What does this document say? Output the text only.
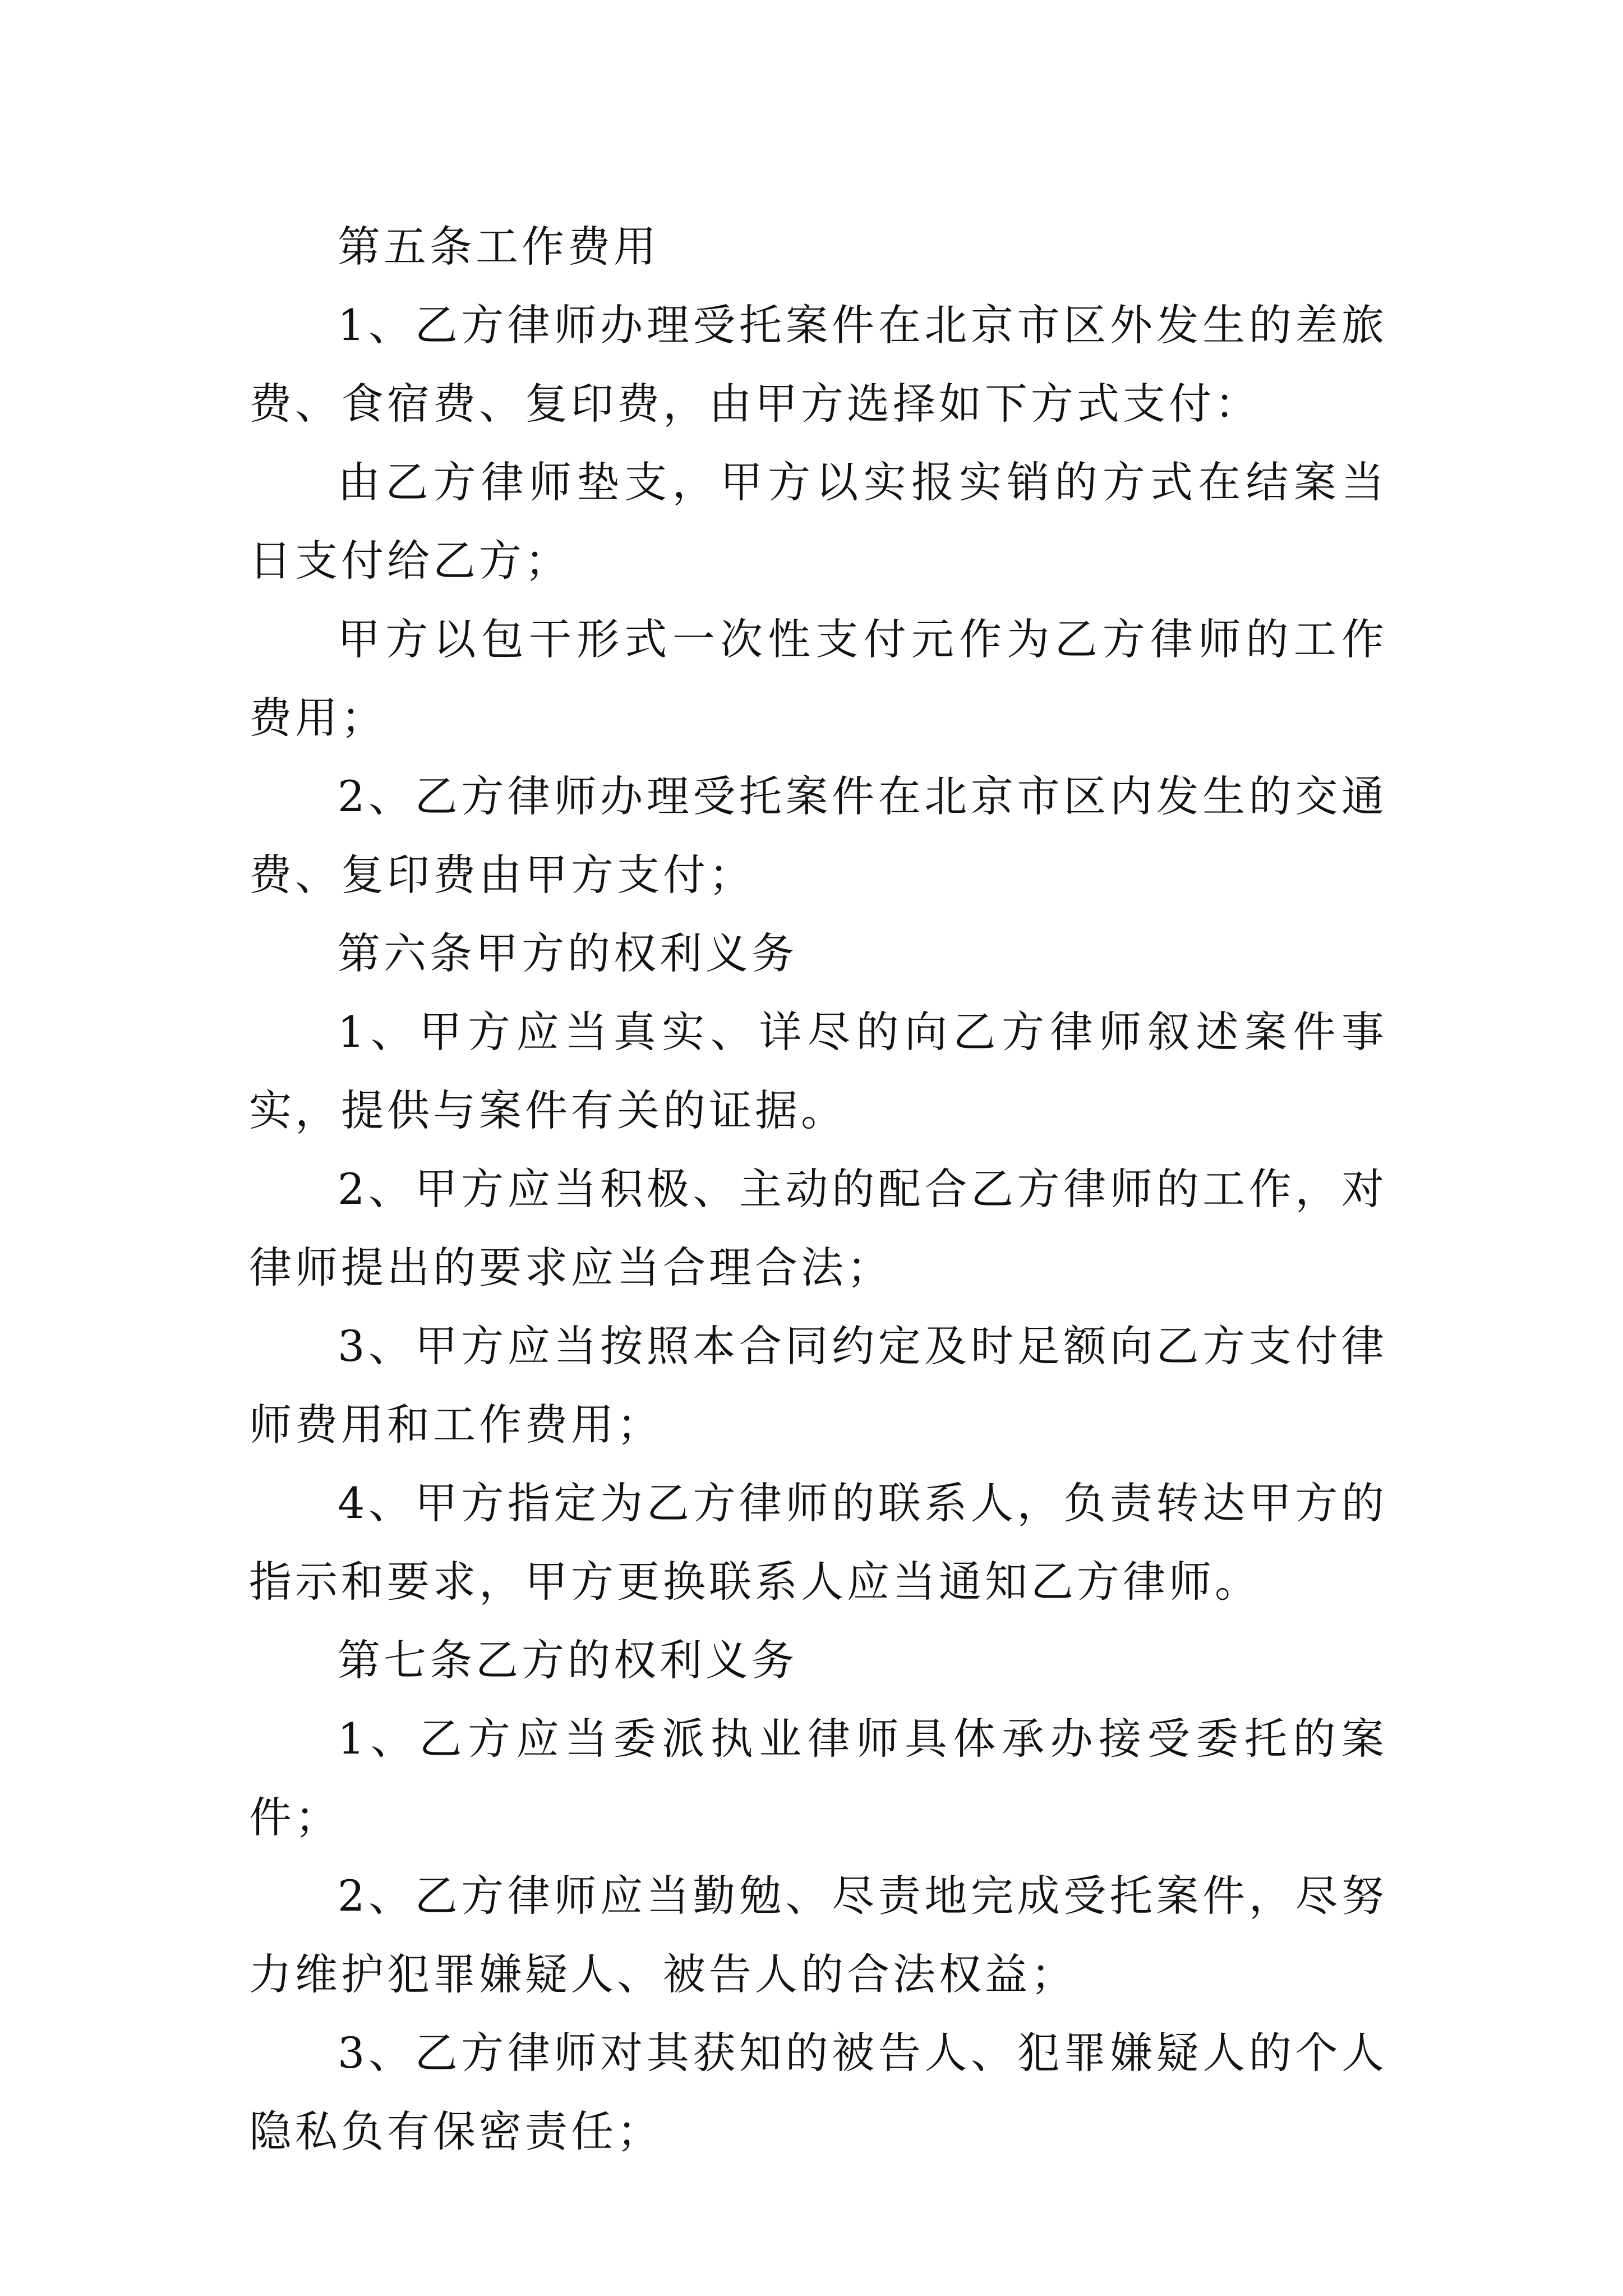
第五条工作费用

1、乙方律师办理受托案件在北京市区外发生的差旅费、食宿费、复印费，由甲方选择如下方式支付：

由乙方律师垫支，甲方以实报实销的方式在结案当日支付给乙方；

甲方以包干形式一次性支付元作为乙方律师的工作费用；

2、乙方律师办理受托案件在北京市区内发生的交通费、复印费由甲方支付；

第六条甲方的权利义务

1、甲方应当真实、详尽的向乙方律师叙述案件事实，提供与案件有关的证据。

2、甲方应当积极、主动的配合乙方律师的工作，对律师提出的要求应当合理合法；

3、甲方应当按照本合同约定及时足额向乙方支付律师费用和工作费用；

4、甲方指定为乙方律师的联系人，负责转达甲方的指示和要求，甲方更换联系人应当通知乙方律师。

第七条乙方的权利义务

1、乙方应当委派执业律师具体承办接受委托的案件；

2、乙方律师应当勤勉、尽责地完成受托案件，尽努力维护犯罪嫌疑人、被告人的合法权益；

3、乙方律师对其获知的被告人、犯罪嫌疑人的个人隐私负有保密责任；
